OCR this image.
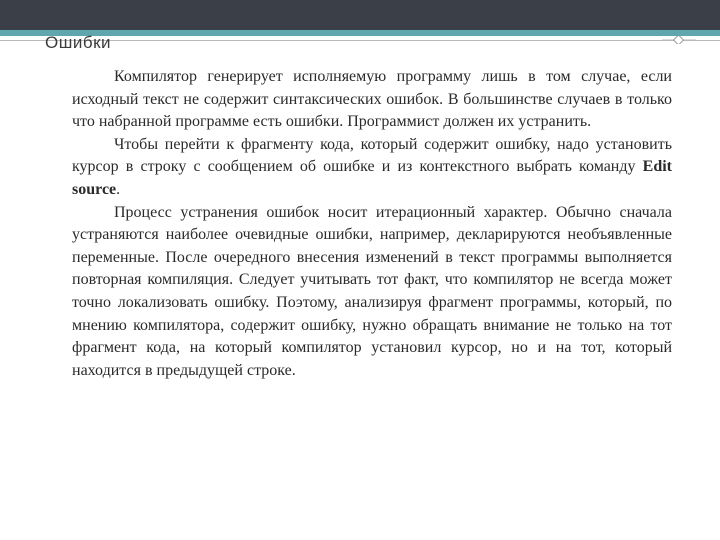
Ошибки

Компилятор генерирует исполняемую программу лишь в том случае, если исходный текст не содержит синтаксических ошибок. В большинстве случаев в только что набранной программе есть ошибки. Программист должен их устранить.

Чтобы перейти к фрагменту кода, который содержит ошибку, надо установить курсор в строку с сообщением об ошибке и из контекстного выбрать команду Edit source.

Процесс устранения ошибок носит итерационный характер. Обычно сначала устраняются наиболее очевидные ошибки, например, декларируются необъявленные переменные. После очередного внесения изменений в текст программы выполняется повторная компиляция. Следует учитывать тот факт, что компилятор не всегда может точно локализовать ошибку. Поэтому, анализируя фрагмент программы, который, по мнению компилятора, содержит ошибку, нужно обращать внимание не только на тот фрагмент кода, на который компилятор установил курсор, но и на тот, который находится в предыдущей строке.
